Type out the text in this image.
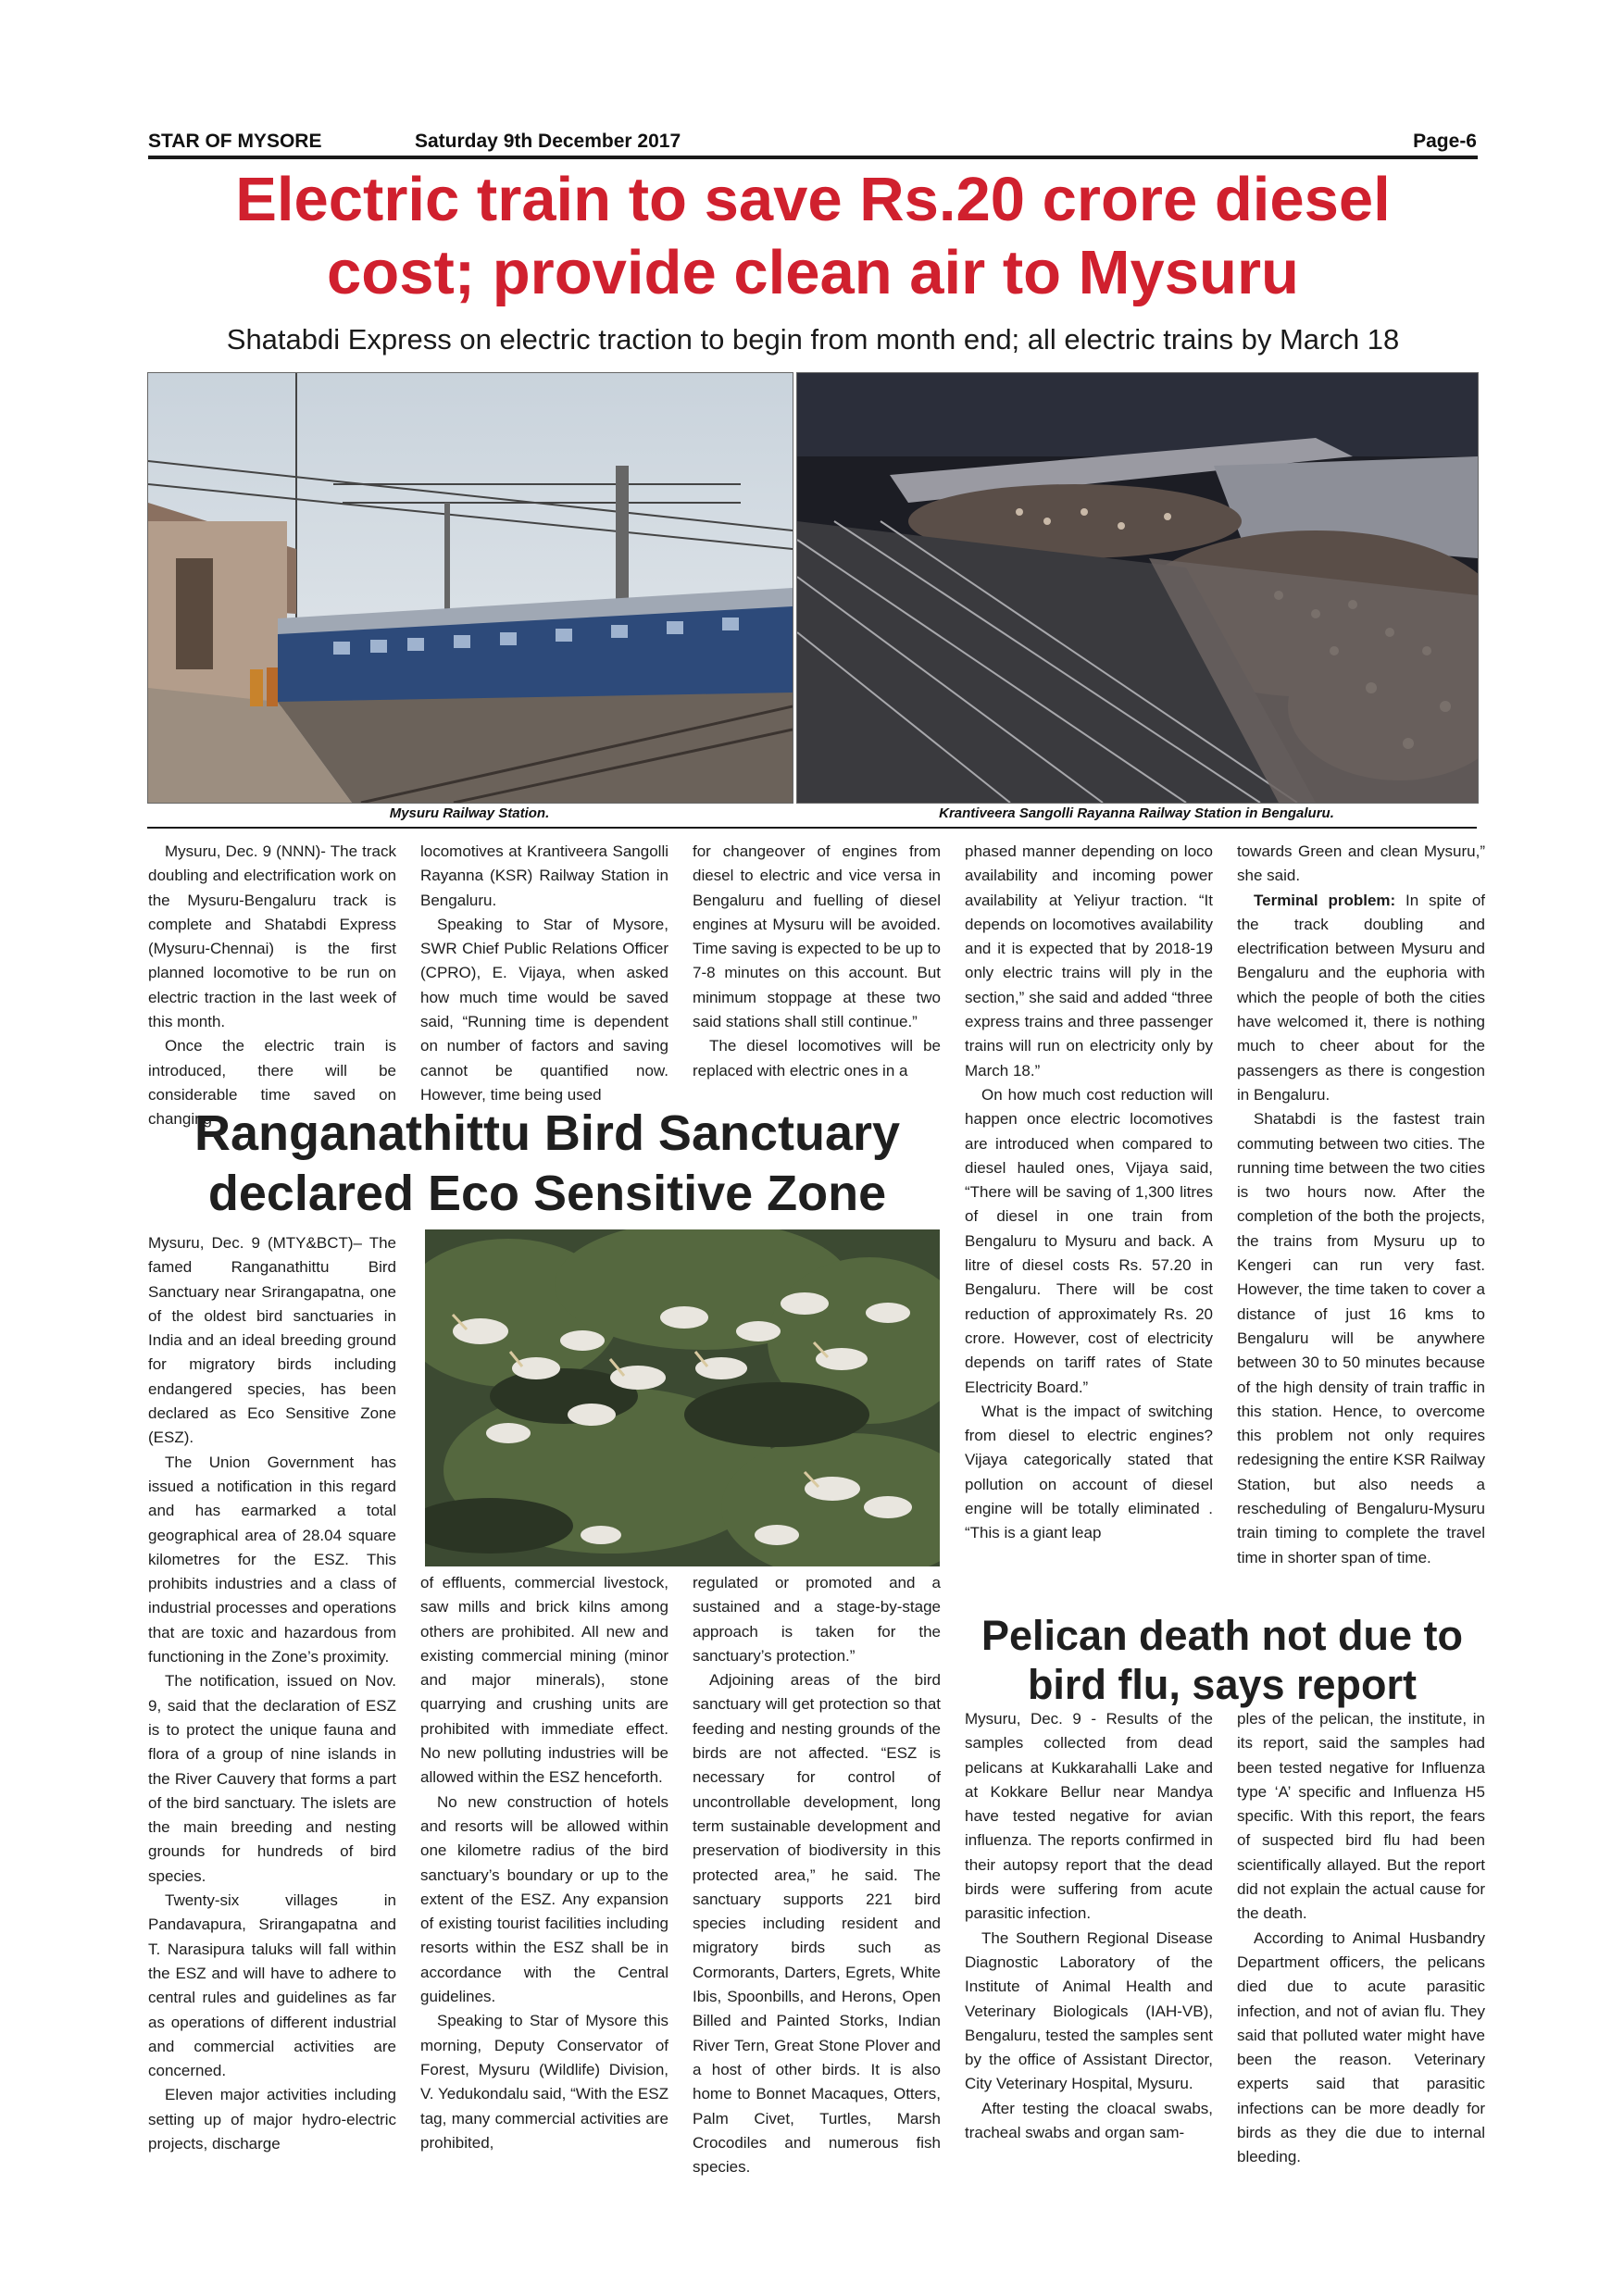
STAR OF MYSORE	Saturday 9th December 2017	Page-6
Electric train to save Rs.20 crore diesel
cost; provide clean air to Mysuru
Shatabdi Express on electric traction to begin from month end; all electric trains by March 18
Mysuru Railway Station.	Krantiveera Sangolli Rayanna Railway Station in Bengaluru.

Mysuru, Dec. 9 (NNN)- The track doubling and electrification work on the Mysuru-Bengaluru track is complete and Shatabdi Express (Mysuru-Chennai) is the first planned locomotive to be run on electric traction in the last week of this month.

Once the electric train is introduced, there will be considerable time saved on changing

locomotives at Krantiveera Sangolli Rayanna (KSR) Railway Station in Bengaluru.

Speaking to Star of Mysore, SWR Chief Public Relations Officer (CPRO), E. Vijaya, when asked how much time would be saved said, “Running time is dependent on number of factors and saving cannot be quantified now. However, time being used

for changeover of engines from diesel to electric and vice versa in Bengaluru and fuelling of diesel engines at Mysuru will be avoided. Time saving is expected to be up to 7-8 minutes on this account. But minimum stoppage at these two said stations shall still continue.”

The diesel locomotives will be replaced with electric ones in a

phased manner depending on loco availability and incoming power availability at Yeliyur traction. “It depends on locomotives availability and it is expected that by 2018-19 only electric trains will ply in the section,” she said and added “three express trains and three passenger trains will run on electricity only by March 18.”

On how much cost reduction will happen once electric locomotives are introduced when compared to diesel hauled ones, Vijaya said, “There will be saving of 1,300 litres of diesel in one train from Bengaluru to Mysuru and back. A litre of diesel costs Rs. 57.20 in Bengaluru. There will be cost reduction of approximately Rs. 20 crore. However, cost of electricity depends on tariff rates of State Electricity Board.”

What is the impact of switching from diesel to electric engines? Vijaya categorically stated that pollution on account of diesel engine will be totally eliminated . “This is a giant leap

towards Green and clean Mysuru,” she said.

Terminal problem: In spite of the track doubling and electrification between Mysuru and Bengaluru and the euphoria with which the people of both the cities have welcomed it, there is nothing much to cheer about for the passengers as there is congestion in Bengaluru.

Shatabdi is the fastest train commuting between two cities. The running time between the two cities is two hours now. After the completion of the both the projects, the trains from Mysuru up to Kengeri can run very fast. However, the time taken to cover a distance of just 16 kms to Bengaluru will be anywhere between 30 to 50 minutes because of the high density of train traffic in this station. Hence, to overcome this problem not only requires redesigning the entire KSR Railway Station, but also needs a rescheduling of Bengaluru-Mysuru train timing to complete the travel time in shorter span of time.

Ranganathittu Bird Sanctuary
declared Eco Sensitive Zone

Mysuru, Dec. 9 (MTY&BCT)– The famed Ranganathittu Bird Sanctuary near Srirangapatna, one of the oldest bird sanctuaries in India and an ideal breeding ground for migratory birds including endangered species, has been declared as Eco Sensitive Zone (ESZ).

The Union Government has issued a notification in this regard and has earmarked a total geographical area of 28.04 square kilometres for the ESZ. This prohibits industries and a class of industrial processes and operations that are toxic and hazardous from functioning in the Zone’s proximity.

The notification, issued on Nov. 9, said that the declaration of ESZ is to protect the unique fauna and flora of a group of nine islands in the River Cauvery that forms a part of the bird sanctuary. The islets are the main breeding and nesting grounds for hundreds of bird species.

Twenty-six villages in Pandavapura, Srirangapatna and T. Narasipura taluks will fall within the ESZ and will have to adhere to central rules and guidelines as far as operations of different industrial and commercial activities are concerned.

Eleven major activities including setting up of major hydro-electric projects, discharge

of effluents, commercial livestock, saw mills and brick kilns among others are prohibited. All new and existing commercial mining (minor and major minerals), stone quarrying and crushing units are prohibited with immediate effect. No new polluting industries will be allowed within the ESZ henceforth.

No new construction of hotels and resorts will be allowed within one kilometre radius of the bird sanctuary’s boundary or up to the extent of the ESZ. Any expansion of existing tourist facilities including resorts within the ESZ shall be in accordance with the Central guidelines.

Speaking to Star of Mysore this morning, Deputy Conservator of Forest, Mysuru (Wildlife) Division, V. Yedukondalu said, “With the ESZ tag, many commercial activities are prohibited,

regulated or promoted and a sustained and a stage-by-stage approach is taken for the sanctuary’s protection.”

Adjoining areas of the bird sanctuary will get protection so that feeding and nesting grounds of the birds are not affected. “ESZ is necessary for control of uncontrollable development, long term sustainable development and preservation of biodiversity in this protected area,” he said. The sanctuary supports 221 bird species including resident and migratory birds such as Cormorants, Darters, Egrets, White Ibis, Spoonbills, and Herons, Open Billed and Painted Storks, Indian River Tern, Great Stone Plover and a host of other birds. It is also home to Bonnet Macaques, Otters, Palm Civet, Turtles, Marsh Crocodiles and numerous fish species.

Pelican death not due to
bird flu, says report

Mysuru, Dec. 9 - Results of the samples collected from dead pelicans at Kukkarahalli Lake and at Kokkare Bellur near Mandya have tested negative for avian influenza. The reports confirmed in their autopsy report that the dead birds were suffering from acute parasitic infection.

The Southern Regional Disease Diagnostic Laboratory of the Institute of Animal Health and Veterinary Biologicals (IAH-VB), Bengaluru, tested the samples sent by the office of Assistant Director, City Veterinary Hospital, Mysuru.

After testing the cloacal swabs, tracheal swabs and organ sam-

ples of the pelican, the institute, in its report, said the samples had been tested negative for Influenza type ‘A’ specific and Influenza H5 specific. With this report, the fears of suspected bird flu had been scientifically allayed. But the report did not explain the actual cause for the death.

According to Animal Husbandry Department officers, the pelicans died due to acute parasitic infection, and not of avian flu. They said that polluted water might have been the reason. Veterinary experts said that parasitic infections can be more deadly for birds as they die due to internal bleeding.
